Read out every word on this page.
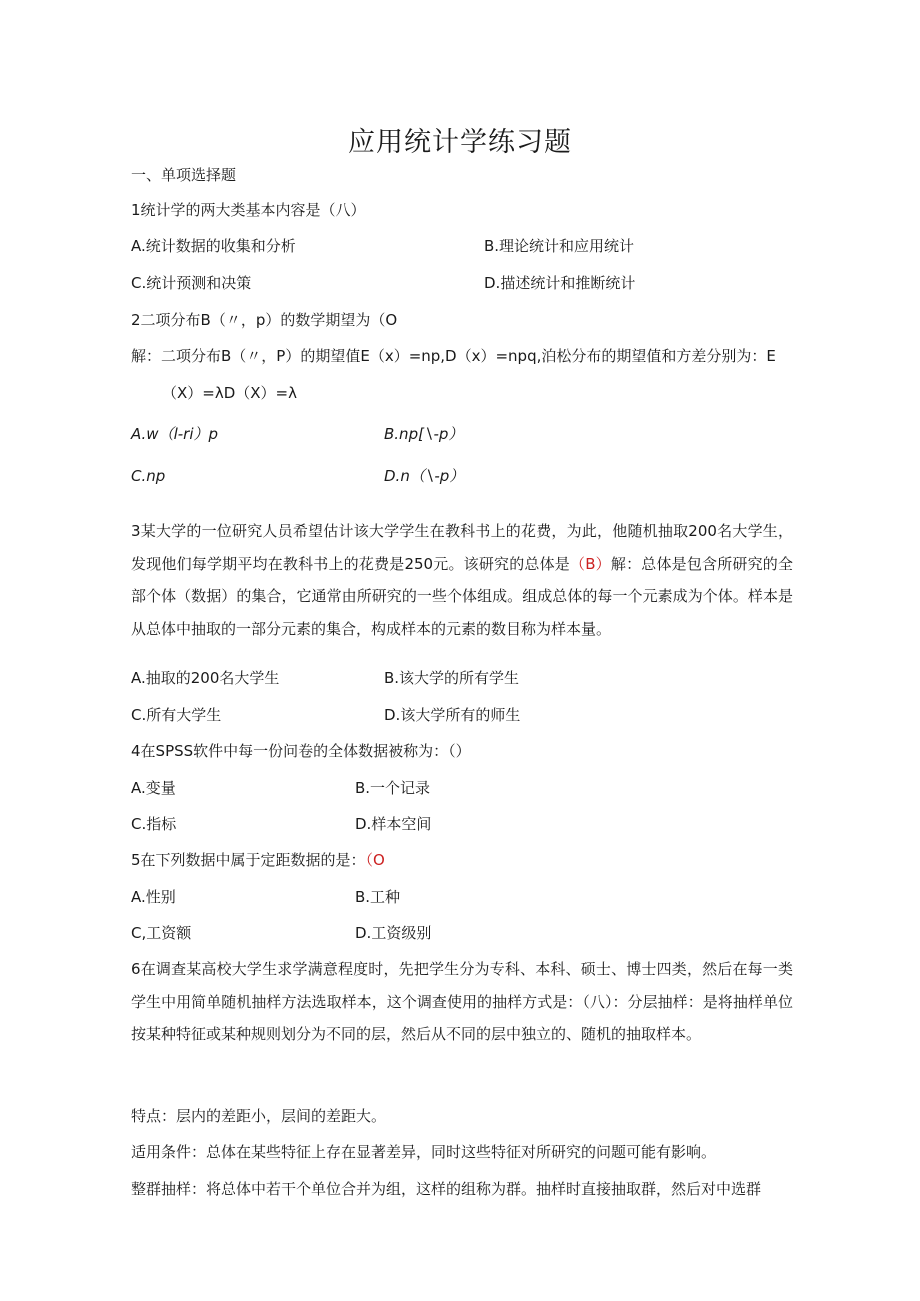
应用统计学练习题
一、单项选择题
1统计学的两大类基本内容是（八）
A.统计数据的收集和分析	B.理论统计和应用统计
C.统计预测和决策	D.描述统计和推断统计
2二项分布B（〃，p）的数学期望为（O
解：二项分布B（〃，P）的期望值E（x）=np,D（x）=npq,泊松分布的期望值和方差分别为：E
（X）=λD（X）=λ
A.w（l-ri）p	B.np[∖-p）
C.np	D.n（∖-p）
3某大学的一位研究人员希望估计该大学学生在教科书上的花费，为此，他随机抽取200名大学生，发现他们每学期平均在教科书上的花费是250元。该研究的总体是（B）解：总体是包含所研究的全部个体（数据）的集合，它通常由所研究的一些个体组成。组成总体的每一个元素成为个体。样本是从总体中抽取的一部分元素的集合，构成样本的元素的数目称为样本量。
A.抽取的200名大学生	B.该大学的所有学生
C.所有大学生	D.该大学所有的师生
4在SPSS软件中每一份问卷的全体数据被称为：（）
A.变量	B.一个记录
C.指标	D.样本空间
5在下列数据中属于定距数据的是：（O
A.性别	B.工种
C,工资额	D.工资级别
6在调查某高校大学生求学满意程度时，先把学生分为专科、本科、硕士、博士四类，然后在每一类学生中用简单随机抽样方法选取样本，这个调查使用的抽样方式是：（八）：分层抽样：是将抽样单位按某种特征或某种规则划分为不同的层，然后从不同的层中独立的、随机的抽取样本。
特点：层内的差距小，层间的差距大。
适用条件：总体在某些特征上存在显著差异，同时这些特征对所研究的问题可能有影响。
整群抽样：将总体中若干个单位合并为组，这样的组称为群。抽样时直接抽取群，然后对中选群
